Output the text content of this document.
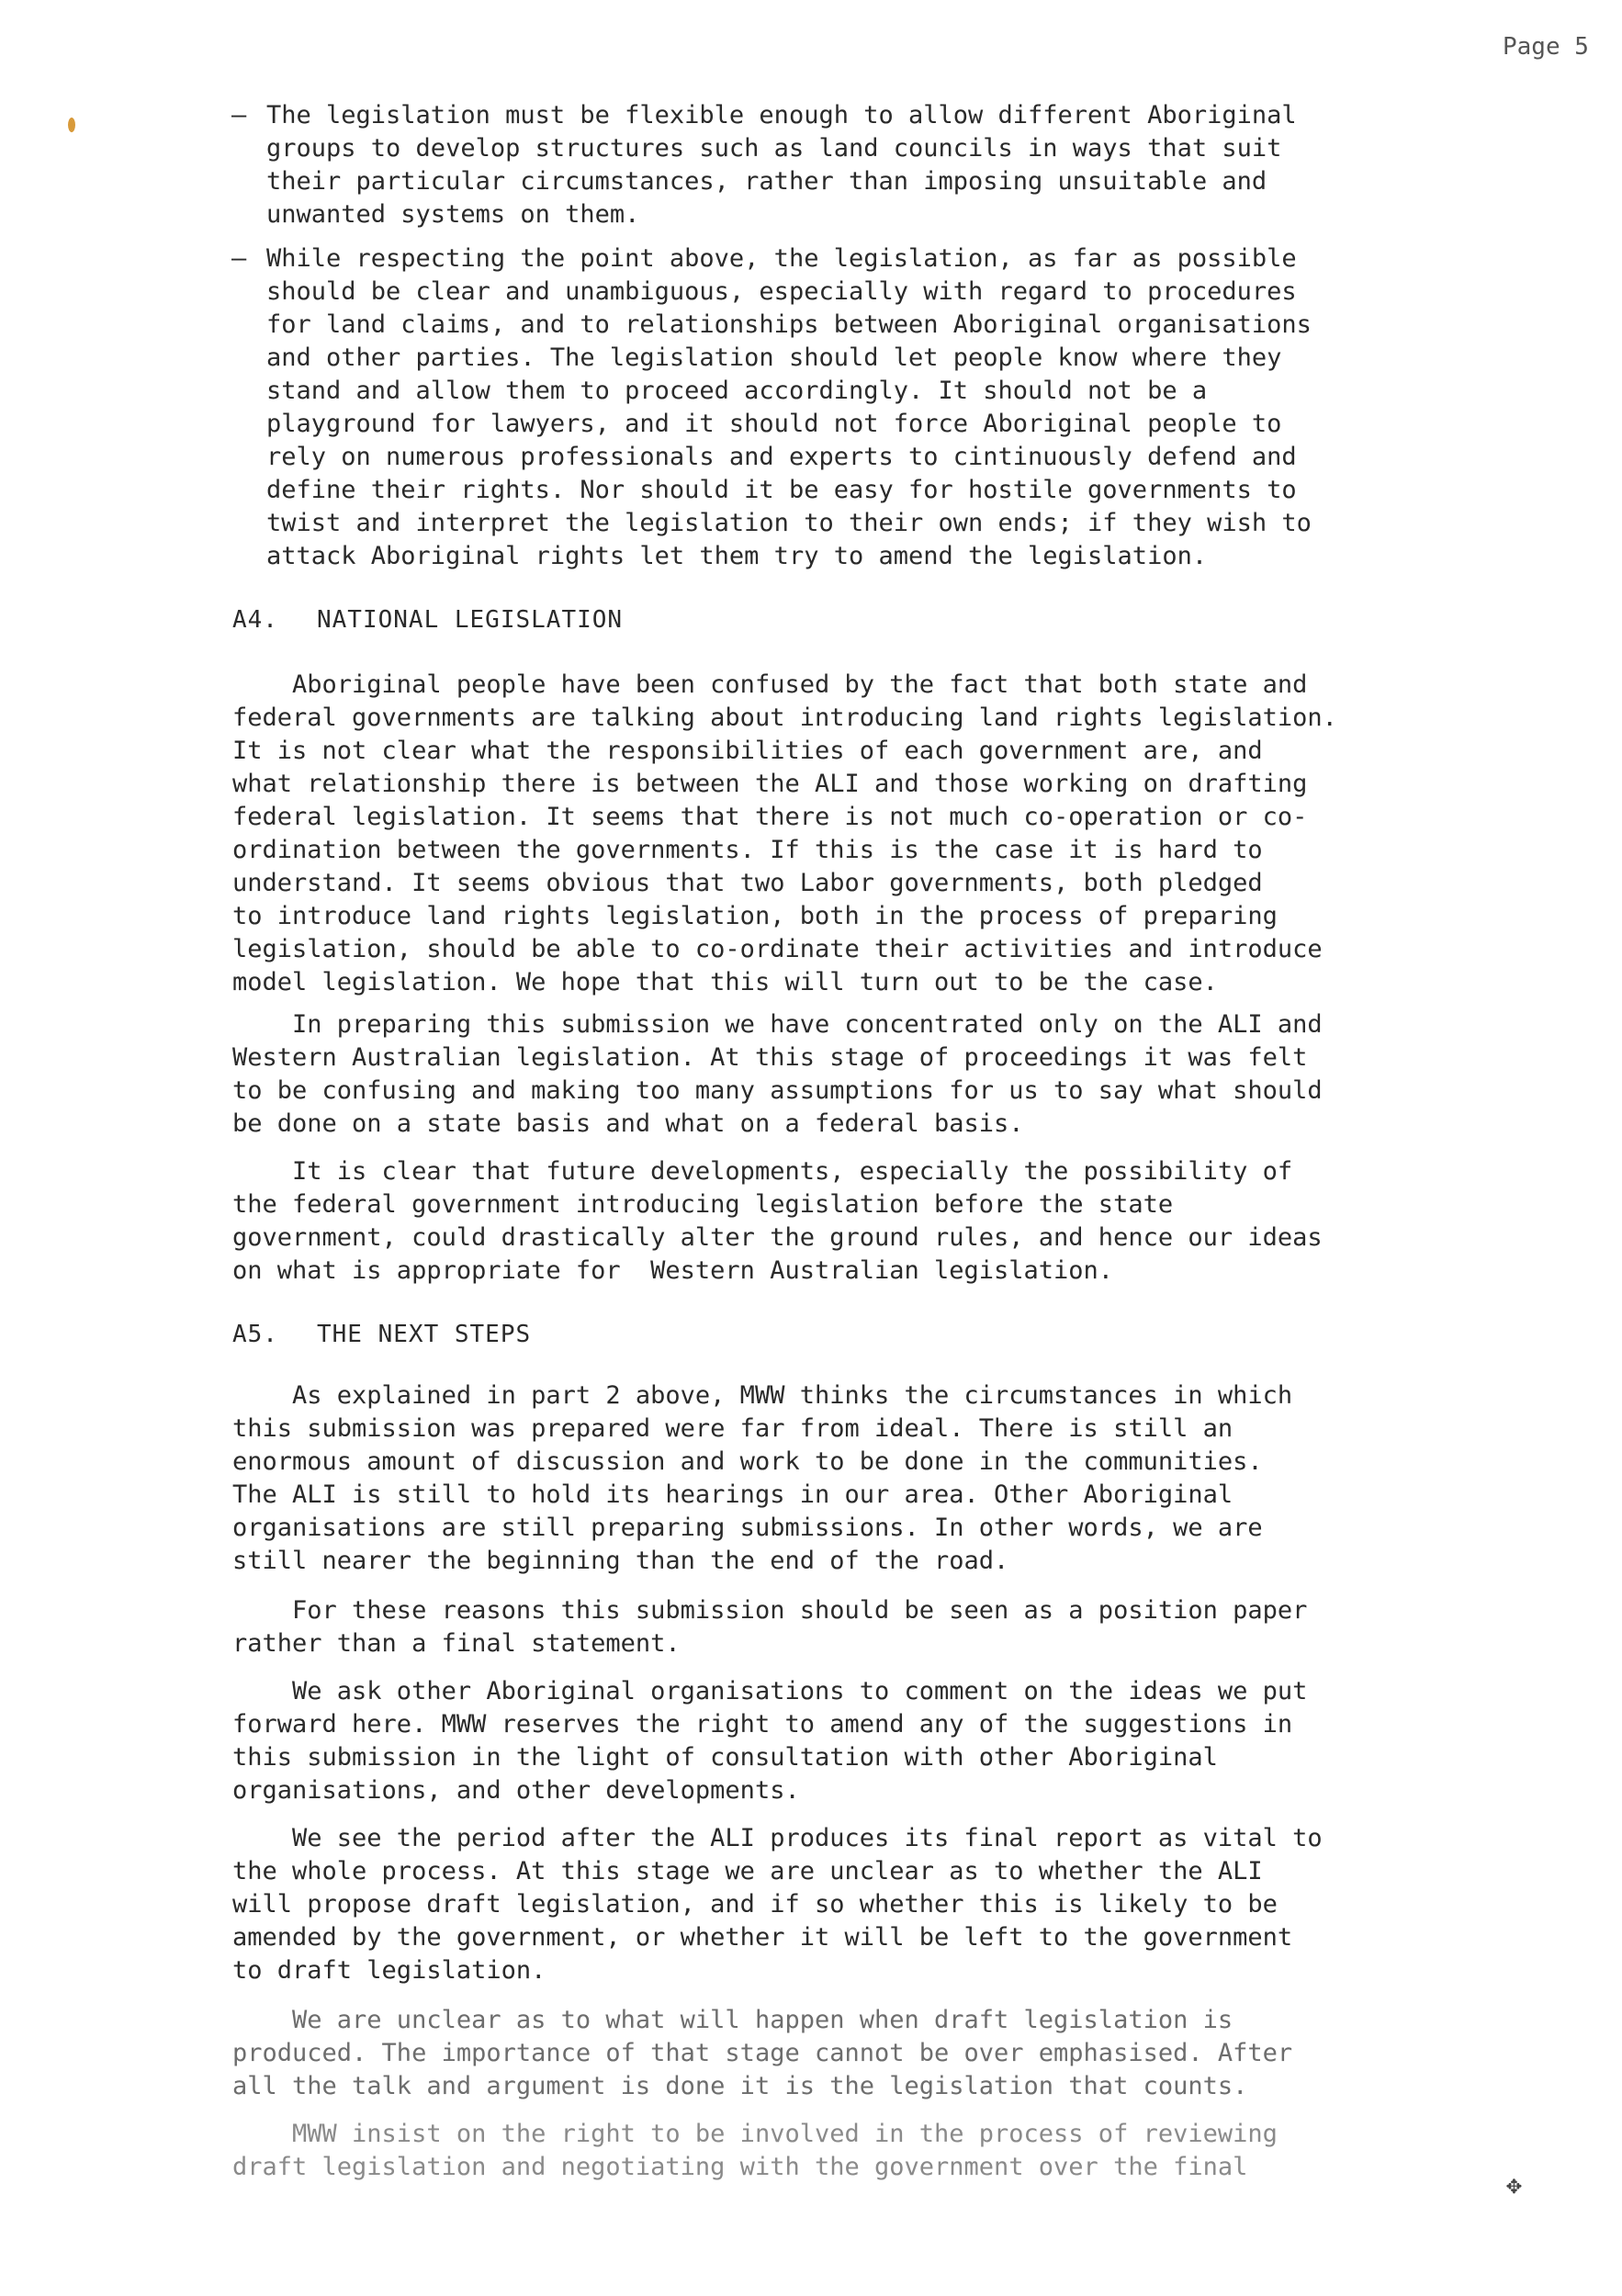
Page 5
– The legislation must be flexible enough to allow different Aboriginal
groups to develop structures such as land councils in ways that suit
their particular circumstances, rather than imposing unsuitable and
unwanted systems on them.
– While respecting the point above, the legislation, as far as possible
should be clear and unambiguous, especially with regard to procedures
for land claims, and to relationships between Aboriginal organisations
and other parties. The legislation should let people know where they
stand and allow them to proceed accordingly. It should not be a
playground for lawyers, and it should not force Aboriginal people to
rely on numerous professionals and experts to cintinuously defend and
define their rights. Nor should it be easy for hostile governments to
twist and interpret the legislation to their own ends; if they wish to
attack Aboriginal rights let them try to amend the legislation.
A4. NATIONAL LEGISLATION
Aboriginal people have been confused by the fact that both state and
federal governments are talking about introducing land rights legislation.
It is not clear what the responsibilities of each government are, and
what relationship there is between the ALI and those working on drafting
federal legislation. It seems that there is not much co-operation or co-
ordination between the governments. If this is the case it is hard to
understand. It seems obvious that two Labor governments, both pledged
to introduce land rights legislation, both in the process of preparing
legislation, should be able to co-ordinate their activities and introduce
model legislation. We hope that this will turn out to be the case.
In preparing this submission we have concentrated only on the ALI and
Western Australian legislation. At this stage of proceedings it was felt
to be confusing and making too many assumptions for us to say what should
be done on a state basis and what on a federal basis.
It is clear that future developments, especially the possibility of
the federal government introducing legislation before the state
government, could drastically alter the ground rules, and hence our ideas
on what is appropriate for  Western Australian legislation.
A5. THE NEXT STEPS
As explained in part 2 above, MWW thinks the circumstances in which
this submission was prepared were far from ideal. There is still an
enormous amount of discussion and work to be done in the communities.
The ALI is still to hold its hearings in our area. Other Aboriginal
organisations are still preparing submissions. In other words, we are
still nearer the beginning than the end of the road.
For these reasons this submission should be seen as a position paper
rather than a final statement.
We ask other Aboriginal organisations to comment on the ideas we put
forward here. MWW reserves the right to amend any of the suggestions in
this submission in the light of consultation with other Aboriginal
organisations, and other developments.
We see the period after the ALI produces its final report as vital to
the whole process. At this stage we are unclear as to whether the ALI
will propose draft legislation, and if so whether this is likely to be
amended by the government, or whether it will be left to the government
to draft legislation.
We are unclear as to what will happen when draft legislation is
produced. The importance of that stage cannot be over emphasised. After
all the talk and argument is done it is the legislation that counts.
MWW insist on the right to be involved in the process of reviewing
draft legislation and negotiating with the government over the final
✥
